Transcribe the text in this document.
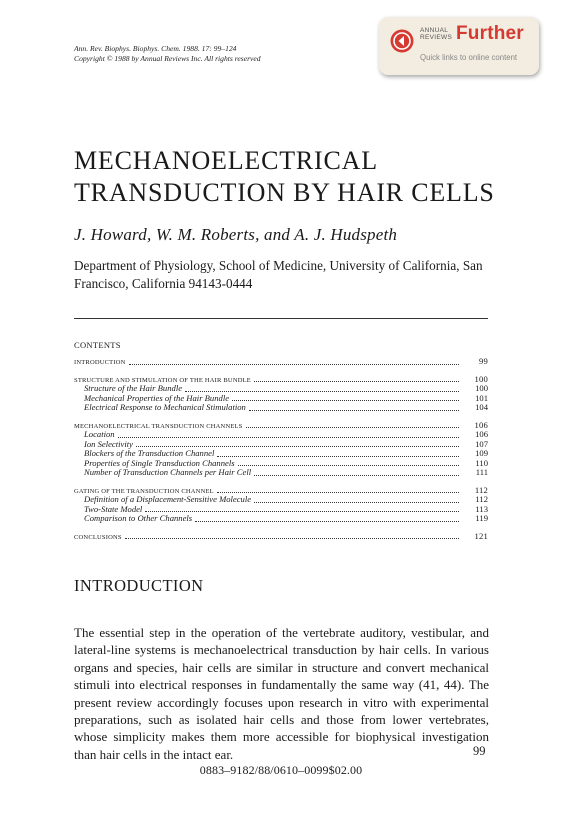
Ann. Rev. Biophys. Biophys. Chem. 1988. 17: 99–124
Copyright © 1988 by Annual Reviews Inc. All rights reserved
ANNUAL
REVIEWS Further
Quick links to online content
MECHANOELECTRICAL
TRANSDUCTION BY HAIR CELLS
J. Howard, W. M. Roberts, and A. J. Hudspeth
Department of Physiology, School of Medicine, University of California, San Francisco, California 94143-0444
CONTENTS
INTRODUCTION	99
STRUCTURE AND STIMULATION OF THE HAIR BUNDLE	100
Structure of the Hair Bundle	100
Mechanical Properties of the Hair Bundle	101
Electrical Response to Mechanical Stimulation	104
MECHANOELECTRICAL TRANSDUCTION CHANNELS	106
Location	106
Ion Selectivity	107
Blockers of the Transduction Channel	109
Properties of Single Transduction Channels	110
Number of Transduction Channels per Hair Cell	111
GATING OF THE TRANSDUCTION CHANNEL	112
Definition of a Displacement-Sensitive Molecule	112
Two-State Model	113
Comparison to Other Channels	119
CONCLUSIONS	121
INTRODUCTION

The essential step in the operation of the vertebrate auditory, vestibular, and lateral-line systems is mechanoelectrical transduction by hair cells. In various organs and species, hair cells are similar in structure and convert mechanical stimuli into electrical responses in fundamentally the same way (41, 44). The present review accordingly focuses upon research in vitro with experimental preparations, such as isolated hair cells and those from lower vertebrates, whose simplicity makes them more accessible for biophysical investigation than hair cells in the intact ear.	99
0883–9182/88/0610–0099$02.00
